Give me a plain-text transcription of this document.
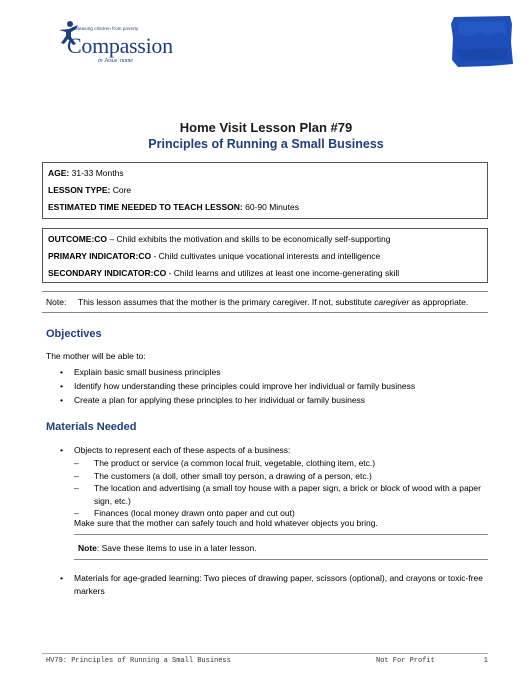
Releasing children from poverty
Compassion
in Jesus' name
Home Visit Lesson Plan #79
Principles of Running a Small Business
AGE: 31-33 Months
LESSON TYPE: Core
ESTIMATED TIME NEEDED TO TEACH LESSON: 60-90 Minutes
OUTCOME:CO – Child exhibits the motivation and skills to be economically self-supporting
PRIMARY INDICATOR:CO - Child cultivates unique vocational interests and intelligence
SECONDARY INDICATOR:CO - Child learns and utilizes at least one income-generating skill
Note: This lesson assumes that the mother is the primary caregiver. If not, substitute caregiver as appropriate.
Objectives
The mother will be able to:
• Explain basic small business principles
• Identify how understanding these principles could improve her individual or family business
• Create a plan for applying these principles to her individual or family business
Materials Needed
• Objects to represent each of these aspects of a business:
– The product or service (a common local fruit, vegetable, clothing item, etc.)
– The customers (a doll, other small toy person, a drawing of a person, etc.)
– The location and advertising (a small toy house with a paper sign, a brick or block of wood with a paper sign, etc.)
– Finances (local money drawn onto paper and cut out)
Make sure that the mother can safely touch and hold whatever objects you bring.
Note: Save these items to use in a later lesson.
• Materials for age-graded learning: Two pieces of drawing paper, scissors (optional), and crayons or toxic-free markers
HV79: Principles of Running a Small Business	Not For Profit	1
